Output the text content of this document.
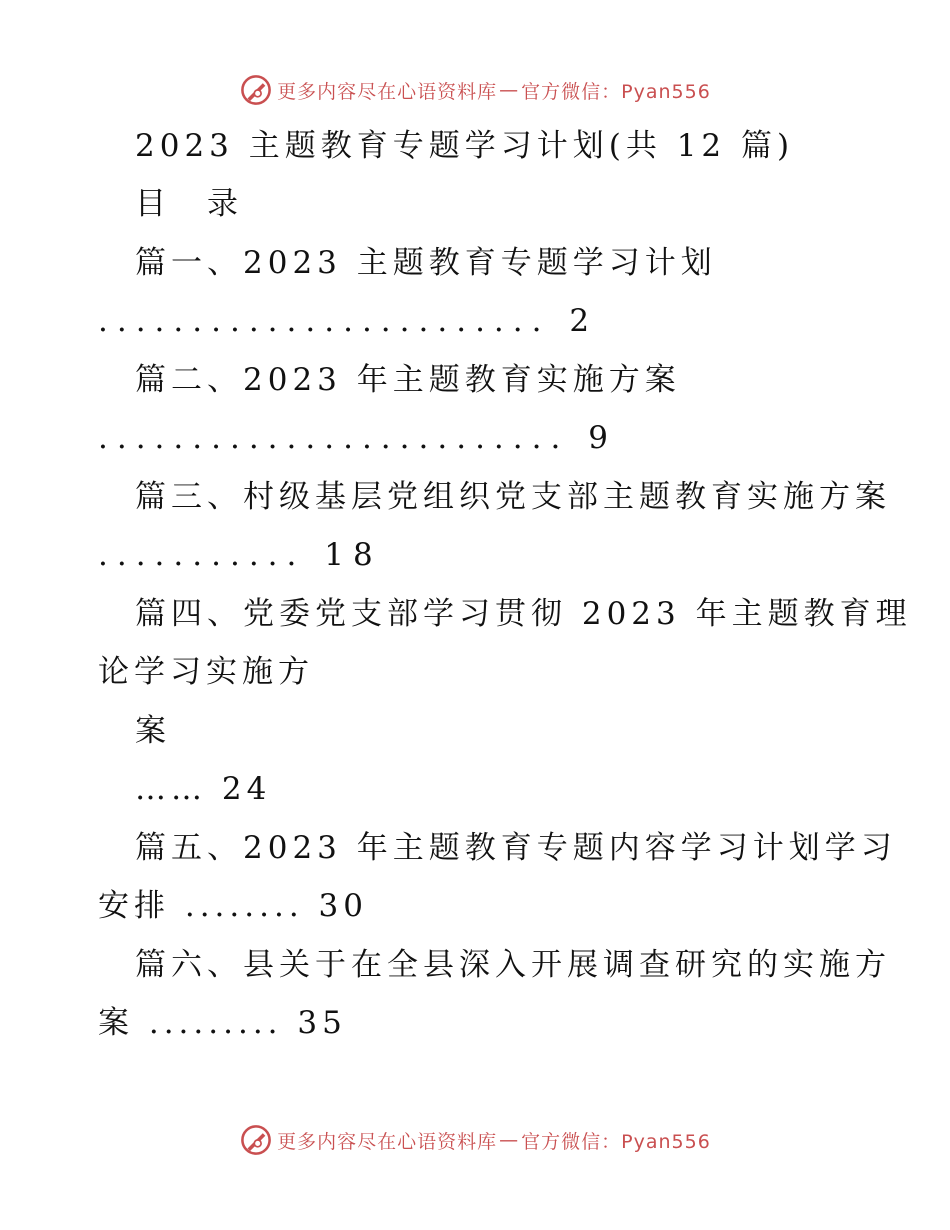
更多内容尽在心语资料库 — 官方微信：Pyan556
2023 主题教育专题学习计划(共 12 篇)
目　录
篇一、2023 主题教育专题学习计划
........................ 2
篇二、2023 年主题教育实施方案
......................... 9
篇三、村级基层党组织党支部主题教育实施方案
........... 18
篇四、党委党支部学习贯彻 2023 年主题教育理
论学习实施方
案
…… 24
篇五、2023 年主题教育专题内容学习计划学习
安排 ........ 30
篇六、县关于在全县深入开展调查研究的实施方
案 ......... 35
更多内容尽在心语资料库 — 官方微信：Pyan556
